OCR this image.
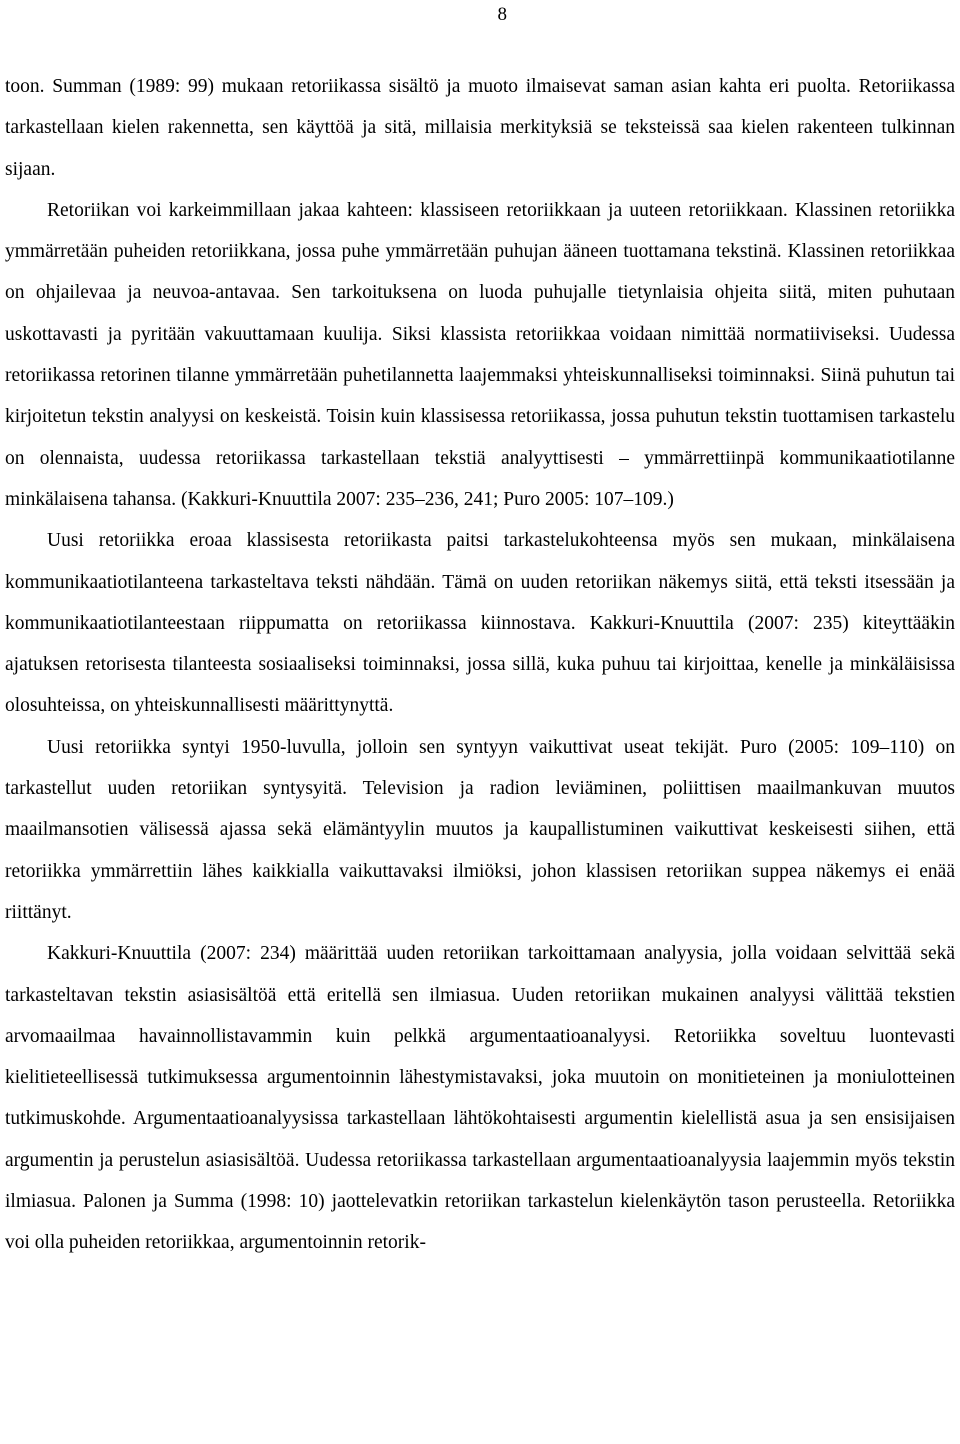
8

toon. Summan (1989: 99) mukaan retoriikassa sisältö ja muoto ilmaisevat saman asian kahta eri puolta. Retoriikassa tarkastellaan kielen rakennetta, sen käyttöä ja sitä, millaisia merkityksiä se teksteissä saa kielen rakenteen tulkinnan sijaan.

Retoriikan voi karkeimmillaan jakaa kahteen: klassiseen retoriikkaan ja uuteen retoriikkaan. Klassinen retoriikka ymmärretään puheiden retoriikkana, jossa puhe ymmärretään puhujan ääneen tuottamana tekstinä. Klassinen retoriikkaa on ohjailevaa ja neuvoa-antavaa. Sen tarkoituksena on luoda puhujalle tietynlaisia ohjeita siitä, miten puhutaan uskottavasti ja pyritään vakuuttamaan kuulija. Siksi klassista retoriikkaa voidaan nimittää normatiiviseksi. Uudessa retoriikassa retorinen tilanne ymmärretään puhetilannetta laajemmaksi yhteiskunnalliseksi toiminnaksi. Siinä puhutun tai kirjoitetun tekstin analyysi on keskeistä. Toisin kuin klassisessa retoriikassa, jossa puhutun tekstin tuottamisen tarkastelu on olennaista, uudessa retoriikassa tarkastellaan tekstiä analyyttisesti – ymmärrettiinpä kommunikaatiotilanne minkälaisena tahansa. (Kakkuri-Knuuttila 2007: 235–236, 241; Puro 2005: 107–109.)

Uusi retoriikka eroaa klassisesta retoriikasta paitsi tarkastelukohteensa myös sen mukaan, minkälaisena kommunikaatiotilanteena tarkasteltava teksti nähdään. Tämä on uuden retoriikan näkemys siitä, että teksti itsessään ja kommunikaatiotilanteestaan riippumatta on retoriikassa kiinnostava. Kakkuri-Knuuttila (2007: 235) kiteyttääkin ajatuksen retorisesta tilanteesta sosiaaliseksi toiminnaksi, jossa sillä, kuka puhuu tai kirjoittaa, kenelle ja minkäläisissa olosuhteissa, on yhteiskunnallisesti määrittynyttä.

Uusi retoriikka syntyi 1950-luvulla, jolloin sen syntyyn vaikuttivat useat tekijät. Puro (2005: 109–110) on tarkastellut uuden retoriikan syntysyitä. Television ja radion leviäminen, poliittisen maailmankuvan muutos maailmansotien välisessä ajassa sekä elämäntyylin muutos ja kaupallistuminen vaikuttivat keskeisesti siihen, että retoriikka ymmärrettiin lähes kaikkialla vaikuttavaksi ilmiöksi, johon klassisen retoriikan suppea näkemys ei enää riittänyt.

Kakkuri-Knuuttila (2007: 234) määrittää uuden retoriikan tarkoittamaan analyysia, jolla voidaan selvittää sekä tarkasteltavan tekstin asiasisältöä että eritellä sen ilmiasua. Uuden retoriikan mukainen analyysi välittää tekstien arvomaailmaa havainnollistavammin kuin pelkkä argumentaatioanalyysi. Retoriikka soveltuu luontevasti kielitieteellisessä tutkimuksessa argumentoinnin lähestymistavaksi, joka muutoin on monitieteinen ja moniulotteinen tutkimuskohde. Argumentaatioanalyysissa tarkastellaan lähtökohtaisesti argumentin kielellistä asua ja sen ensisijaisen argumentin ja perustelun asiasisältöä. Uudessa retoriikassa tarkastellaan argumentaatioanalyysia laajemmin myös tekstin ilmiasua. Palonen ja Summa (1998: 10) jaottelevatkin retoriikan tarkastelun kielenkäytön tason perusteella. Retoriikka voi olla puheiden retoriikkaa, argumentoinnin retorik-
